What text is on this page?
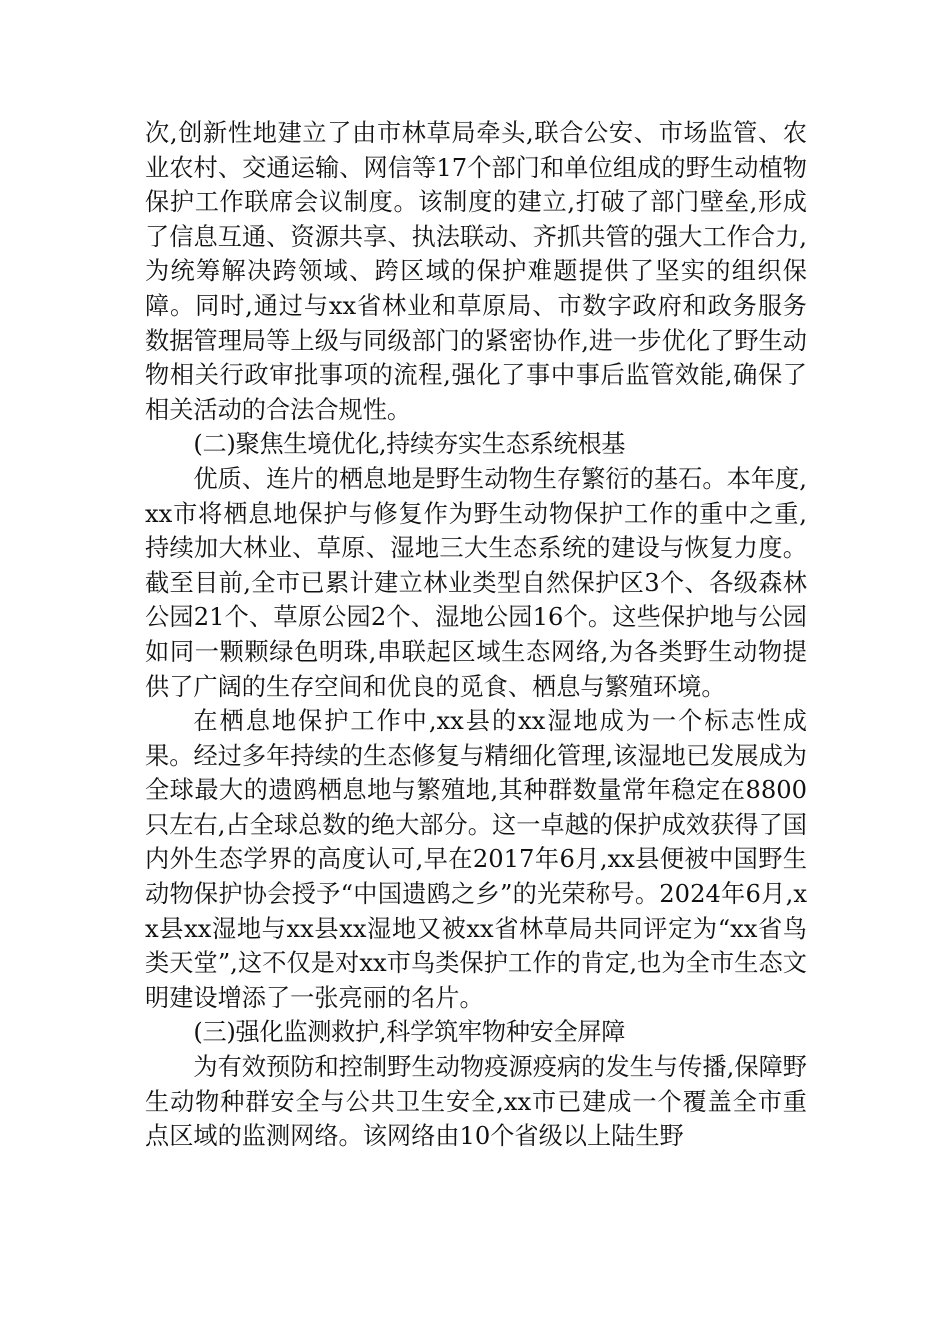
次,创新性地建立了由市林草局牵头,联合公安、市场监管、农业农村、交通运输、网信等17个部门和单位组成的野生动植物保护工作联席会议制度。该制度的建立,打破了部门壁垒,形成了信息互通、资源共享、执法联动、齐抓共管的强大工作合力,为统筹解决跨领域、跨区域的保护难题提供了坚实的组织保障。同时,通过与xx省林业和草原局、市数字政府和政务服务数据管理局等上级与同级部门的紧密协作,进一步优化了野生动物相关行政审批事项的流程,强化了事中事后监管效能,确保了相关活动的合法合规性。

(二)聚焦生境优化,持续夯实生态系统根基

优质、连片的栖息地是野生动物生存繁衍的基石。本年度,xx市将栖息地保护与修复作为野生动物保护工作的重中之重,持续加大林业、草原、湿地三大生态系统的建设与恢复力度。截至目前,全市已累计建立林业类型自然保护区3个、各级森林公园21个、草原公园2个、湿地公园16个。这些保护地与公园如同一颗颗绿色明珠,串联起区域生态网络,为各类野生动物提供了广阔的生存空间和优良的觅食、栖息与繁殖环境。

在栖息地保护工作中,xx县的xx湿地成为一个标志性成果。经过多年持续的生态修复与精细化管理,该湿地已发展成为全球最大的遗鸥栖息地与繁殖地,其种群数量常年稳定在8800只左右,占全球总数的绝大部分。这一卓越的保护成效获得了国内外生态学界的高度认可,早在2017年6月,xx县便被中国野生动物保护协会授予“中国遗鸥之乡”的光荣称号。2024年6月,xx县xx湿地与xx县xx湿地又被xx省林草局共同评定为“xx省鸟类天堂”,这不仅是对xx市鸟类保护工作的肯定,也为全市生态文明建设增添了一张亮丽的名片。

(三)强化监测救护,科学筑牢物种安全屏障

为有效预防和控制野生动物疫源疫病的发生与传播,保障野生动物种群安全与公共卫生安全,xx市已建成一个覆盖全市重点区域的监测网络。该网络由10个省级以上陆生野
